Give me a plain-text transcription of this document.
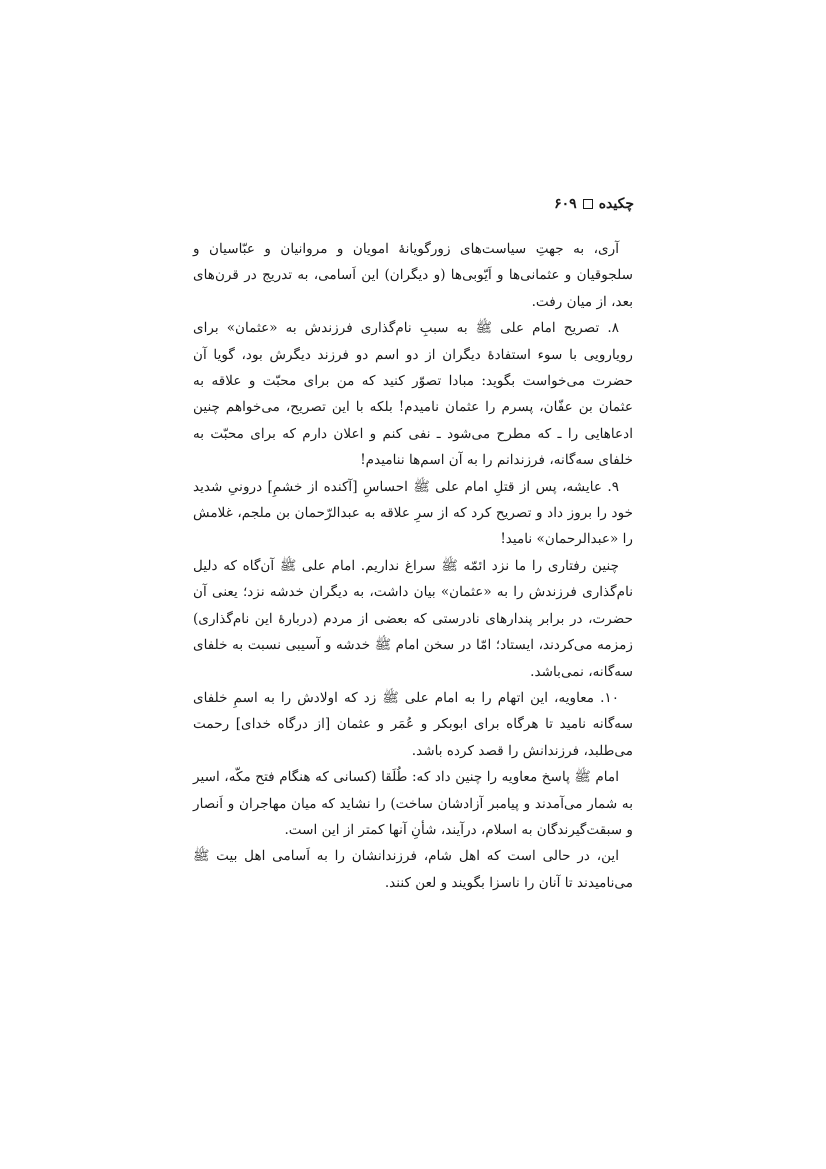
چکیده
۶۰۹

آری، به جهتِ سیاست‌های زورگویانهٔ امویان و مروانیان و عبّاسیان و سلجوقیان و عثمانی‌ها و اَیّوبی‌ها (و دیگران) این اَسامی، به تدریج در قرن‌های بعد، از میان رفت.

۸. تصریح امام علی ﷺ به سببِ نام‌گذاری فرزندش به «عثمان» برای رویارویی با سوء استفادهٔ دیگران از دو اسم دو فرزند دیگرش بود، گویا آن حضرت می‌خواست بگوید: مبادا تصوّر کنید که من برای محبّت و علاقه به عثمان بن عفّان، پسرم را عثمان نامیدم! بلکه با این تصریح، می‌خواهم چنین ادعاهایی را ـ که مطرح می‌شود ـ نفی کنم و اعلان دارم که برای محبّت به خلفای سه‌گانه، فرزندانم را به آن اسم‌ها ننامیدم!

۹. عایشه، پس از قتلِ امام علی ﷺ احساسِ [آکنده از خشمِ] درونیِ شدید خود را بروز داد و تصریح کرد که از سرِ علاقه به عبدالرّحمان بن ملجم، غلامش را «عبدالرحمان» نامید!

چنین رفتاری را ما نزد ائمّه ﷺ سراغ نداریم. امام علی ﷺ آن‌گاه که دلیل نام‌گذاری فرزندش را به «عثمان» بیان داشت، به دیگران خدشه نزد؛ یعنی آن حضرت، در برابر پندارهای نادرستی که بعضی از مردم (دربارهٔ این نام‌گذاری) زمزمه می‌کردند، ایستاد؛ امّا در سخن امام ﷺ خدشه و آسیبی نسبت به خلفای سه‌گانه، نمی‌باشد.

۱۰. معاویه، این اتهام را به امام علی ﷺ زد که اولادش را به اسمِ خلفای سه‌گانه نامید تا هرگاه برای ابوبکر و عُمَر و عثمان [از درگاه خدای] رحمت می‌طلبد، فرزندانش را قصد کرده باشد.

امام ﷺ پاسخ معاویه را چنین داد که: طُلَقا (کسانی که هنگام فتح مکّه، اسیر به شمار می‌آمدند و پیامبر آزادشان ساخت) را نشاید که میان مهاجران و اَنصار و سبقت‌گیرندگان به اسلام، درآیند، شأنِ آنها کمتر از این است.

این، در حالی است که اهل شام، فرزندانشان را به اَسامی اهل بیت ﷺ می‌نامیدند تا آنان را ناسزا بگویند و لعن کنند.
